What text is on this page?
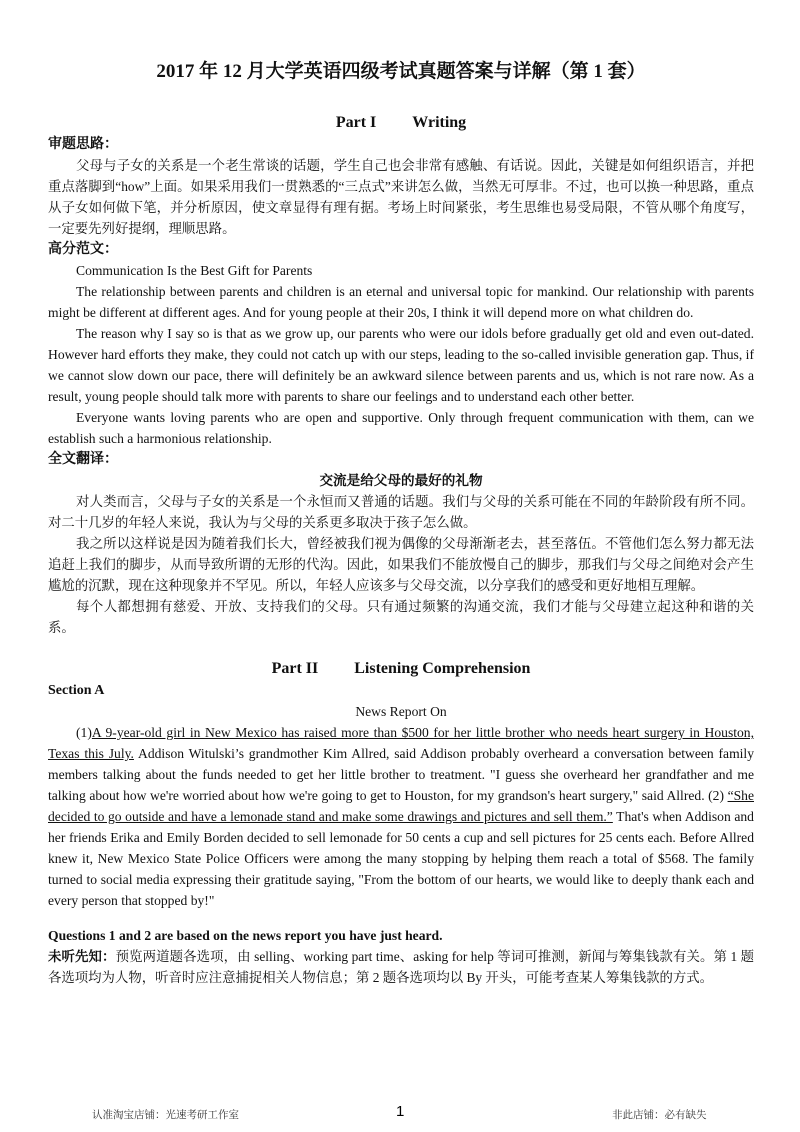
2017 年 12 月大学英语四级考试真题答案与详解（第 1 套）

Part I Writing

审题思路：

父母与子女的关系是一个老生常谈的话题，学生自己也会非常有感触、有话说。因此，关键是如何组织语言，并把重点落脚到“how”上面。如果采用我们一贯熟悉的“三点式”来讲怎么做，当然无可厚非。不过，也可以换一种思路，重点从子女如何做下笔，并分析原因，使文章显得有理有据。考场上时间紧张，考生思维也易受局限，不管从哪个角度写，一定要先列好提纲，理顺思路。

高分范文：

Communication Is the Best Gift for Parents

The relationship between parents and children is an eternal and universal topic for mankind. Our relationship with parents might be different at different ages. And for young people at their 20s, I think it will depend more on what children do.

The reason why I say so is that as we grow up, our parents who were our idols before gradually get old and even out-dated. However hard efforts they make, they could not catch up with our steps, leading to the so-called invisible generation gap. Thus, if we cannot slow down our pace, there will definitely be an awkward silence between parents and us, which is not rare now. As a result, young people should talk more with parents to share our feelings and to understand each other better.

Everyone wants loving parents who are open and supportive. Only through frequent communication with them, can we establish such a harmonious relationship.

全文翻译：

交流是给父母的最好的礼物

对人类而言，父母与子女的关系是一个永恒而又普通的话题。我们与父母的关系可能在不同的年龄阶段有所不同。对二十几岁的年轻人来说，我认为与父母的关系更多取决于孩子怎么做。

我之所以这样说是因为随着我们长大，曾经被我们视为偶像的父母渐渐老去，甚至落伍。不管他们怎么努力都无法追赶上我们的脚步，从而导致所谓的无形的代沟。因此，如果我们不能放慢自己的脚步，那我们与父母之间绝对会产生尴尬的沉默，现在这种现象并不罕见。所以，年轻人应该多与父母交流，以分享我们的感受和更好地相互理解。

每个人都想拥有慈爱、开放、支持我们的父母。只有通过频繁的沟通交流，我们才能与父母建立起这种和谐的关系。

Part II Listening Comprehension

Section A

News Report On

(1)A 9-year-old girl in New Mexico has raised more than $500 for her little brother who needs heart surgery in Houston, Texas this July. Addison Witulski’s grandmother Kim Allred, said Addison probably overheard a conversation between family members talking about the funds needed to get her little brother to treatment. "I guess she overheard her grandfather and me talking about how we're worried about how we're going to get to Houston, for my grandson's heart surgery," said Allred. (2) “She decided to go outside and have a lemonade stand and make some drawings and pictures and sell them.” That's when Addison and her friends Erika and Emily Borden decided to sell lemonade for 50 cents a cup and sell pictures for 25 cents each. Before Allred knew it, New Mexico State Police Officers were among the many stopping by helping them reach a total of $568. The family turned to social media expressing their gratitude saying, "From the bottom of our hearts, we would like to deeply thank each and every person that stopped by!"

Questions 1 and 2 are based on the news report you have just heard.

未听先知：预览两道题各选项，由 selling、working part time、asking for help 等词可推测，新闻与筹集钱款有关。第 1 题各选项均为人物，听音时应注意捕捉相关人物信息；第 2 题各选项均以 By 开头，可能考查某人筹集钱款的方式。

认准淘宝店铺：光速考研工作室	1	非此店铺：必有缺失
